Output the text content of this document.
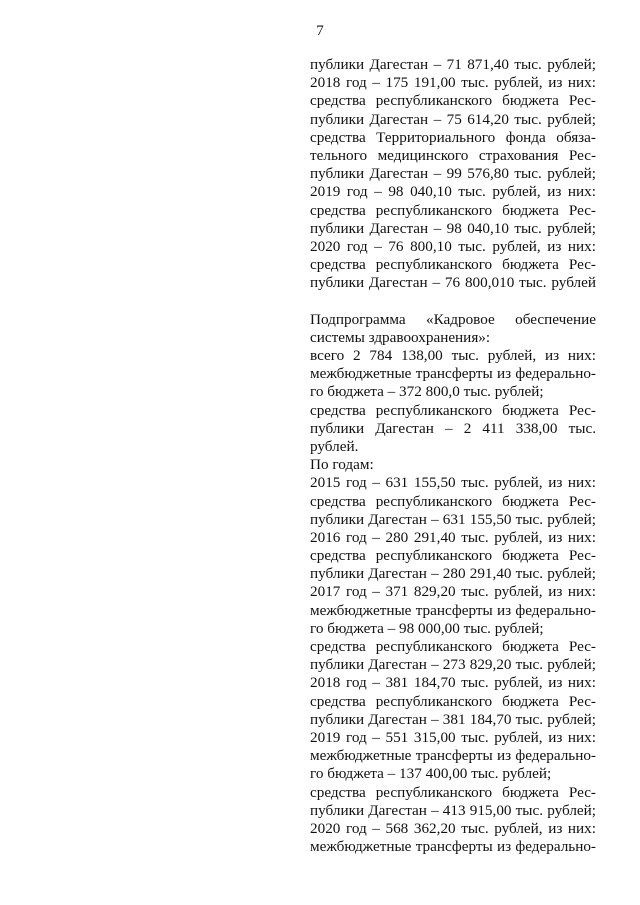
7
публики Дагестан – 71 871,40 тыс. рублей;
2018 год – 175 191,00 тыс. рублей, из них:
средства республиканского бюджета Рес-
публики Дагестан – 75 614,20 тыс. рублей;
средства Территориального фонда обяза-
тельного медицинского страхования Рес-
публики Дагестан – 99 576,80 тыс. рублей;
2019 год – 98 040,10 тыс. рублей, из них:
средства республиканского бюджета Рес-
публики Дагестан – 98 040,10 тыс. рублей;
2020 год – 76 800,10 тыс. рублей, из них:
средства республиканского бюджета Рес-
публики Дагестан – 76 800,010 тыс. рублей
Подпрограмма «Кадровое обеспечение
системы здравоохранения»:
всего 2 784 138,00 тыс. рублей, из них:
межбюджетные трансферты из федерально-
го бюджета – 372 800,0 тыс. рублей;
средства республиканского бюджета Рес-
публики Дагестан – 2 411 338,00 тыс.
рублей.
По годам:
2015 год – 631 155,50 тыс. рублей, из них:
средства республиканского бюджета Рес-
публики Дагестан – 631 155,50 тыс. рублей;
2016 год – 280 291,40 тыс. рублей, из них:
средства республиканского бюджета Рес-
публики Дагестан – 280 291,40 тыс. рублей;
2017 год – 371 829,20 тыс. рублей, из них:
межбюджетные трансферты из федерально-
го бюджета – 98 000,00 тыс. рублей;
средства республиканского бюджета Рес-
публики Дагестан – 273 829,20 тыс. рублей;
2018 год – 381 184,70 тыс. рублей, из них:
средства республиканского бюджета Рес-
публики Дагестан – 381 184,70 тыс. рублей;
2019 год – 551 315,00 тыс. рублей, из них:
межбюджетные трансферты из федерально-
го бюджета – 137 400,00 тыс. рублей;
средства республиканского бюджета Рес-
публики Дагестан – 413 915,00 тыс. рублей;
2020 год – 568 362,20 тыс. рублей, из них:
межбюджетные трансферты из федерально-
